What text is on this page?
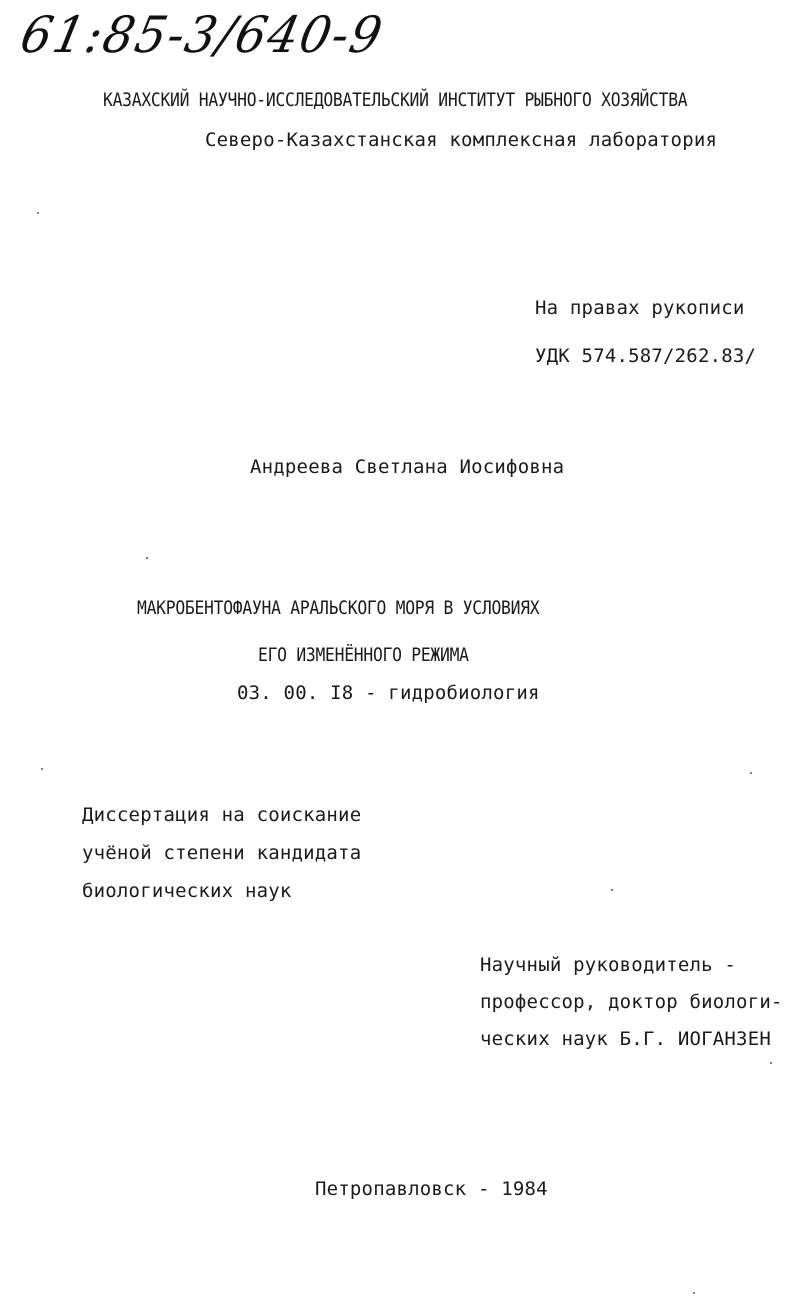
61:85-3/640-9
КАЗАХСКИЙ НАУЧНО-ИССЛЕДОВАТЕЛЬСКИЙ ИНСТИТУТ РЫБНОГО ХОЗЯЙСТВА
Северо-Казахстанская комплексная лаборатория
На правах рукописи
УДК 574.587/262.83/
Андреева Светлана Иосифовна
МАКРОБЕНТОФАУНА АРАЛЬСКОГО МОРЯ В УСЛОВИЯХ
ЕГО ИЗМЕНЁННОГО РЕЖИМА
03. 00. I8 - гидробиология
Диссертация на соискание
учёной степени кандидата
биологических наук
Научный руководитель -
профессор, доктор биологи-
ческих наук Б.Г. ИОГАНЗЕН
Петропавловск - 1984
